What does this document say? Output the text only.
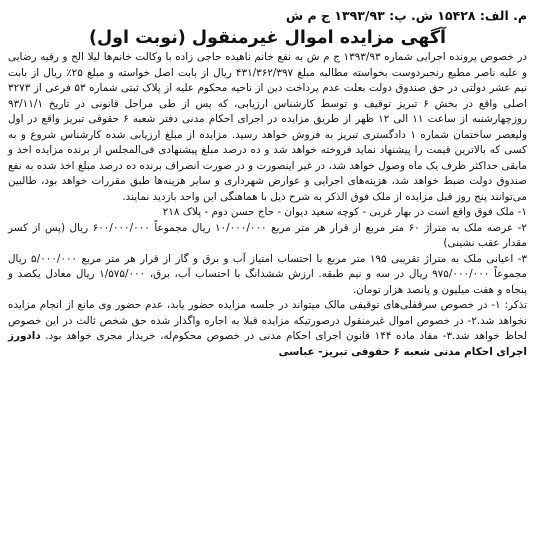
م. الف: ۱۵۴۲۸ ش. پ: ۱۳۹۳/۹۳ ج م ش
آگهی مزایده اموال غیرمنقول (نوبت اول)

در خصوص پرونده اجرایی شماره ۱۳۹۳/۹۳ ج م ش به نفع خانم ناهیده حاجی زاده با وکالت خانم‌ها لیلا الح و رقیه رضایی و علیه ناصر مطیع رنجبردوست بخواسته مطالبه مبلغ ۴۳۱/۳۶۲/۳۹۷ ریال از بابت اصل خواسته و مبلغ ۲۵٪ ریال از بابت نیم عشر دولتی در حق صندوق دولت بعلت عدم پرداخت دین از ناحیه محکوم علیه از پلاک ثبتی شماره ۵۳ فرعی از ۳۲۷۳ اصلی واقع در بخش ۶ تبریز توقیف و توسط کارشناس ارزیابی، که پس از طی مراحل قانونی در تاریخ ۹۳/۱۱/۱ روزچهارشنبه از ساعت ۱۱ الی ۱۲ ظهر از طریق مزایده در اجرای احکام مدنی دفتر شعبه ۶ حقوقی تبریز واقع در اول ولیعصر ساختمان شماره ۱ دادگستری تبریز به فروش خواهد رسید. مزایده از مبلغ ارزیابی شده کارشناس شروع و به کسی که بالاترین قیمت را پیشنهاد نماید فروخته خواهد شد و ده درصد مبلغ پیشنهادی فی‌المجلس از برنده مزایده اخذ و مابقی حداکثر ظرف یک ماه وصول خواهد شد، در غیر اینصورت و در صورت انصراف برنده ده درصد مبلغ اخذ شده به نفع صندوق دولت ضبط خواهد شد، هزینه‌های اجرایی و عوارض شهرداری و سایر هزینه‌ها طبق مقررات خواهد بود، طالبین می‌توانند پنج روز قبل مزایده از ملک فوق الذکر به شرح ذیل با هماهنگی این واحد بازدید نمایند.

۱- ملک فوق واقع است در بهار غربی - کوچه سعید دیوان - حاج حسن دوم - پلاک ۲۱۸

۲- عرصه ملک به متراژ ۶۰ متر مربع از قرار هر متر مربع ۱۰/۰۰۰/۰۰۰ ریال مجموعاً ۶۰۰/۰۰۰/۰۰۰ ریال (پس از کسر مقدار عقب نشینی)

۳- اعیانی ملک به متراژ تقریبی ۱۹۵ متر مربع با احتساب امتیاز آب و برق و گاز از قرار هر متر مربع ۵/۰۰۰/۰۰۰ ریال مجموعاً ۹۷۵/۰۰۰/۰۰۰ ریال در سه و نیم طبقه. ارزش ششدانگ با احتساب آب، برق، ۱/۵۷۵/۰۰۰ ریال معادل یکصد و پنجاه و هفت میلیون و پانصد هزار تومان.

تذکر: ۱- در خصوص سرقفلی‌های توقیفی مالک میتواند در جلسه مزایده حضور یابد، عدم حضور وی مانع از انجام مزایده نخواهد شد.۲- در خصوص اموال غیرمنقول درصورتیکه مزایده قبلا به اجاره واگذار شده حق شخص ثالث در این خصوص لحاظ خواهد شد.۳- مفاد ماده ۱۴۴ قانون اجرای احکام مدنی در خصوص محکوم‌له، خریدار مجری خواهد بود. دادورز اجرای احکام مدنی شعبه ۶ حقوقی تبریز- عباسی
